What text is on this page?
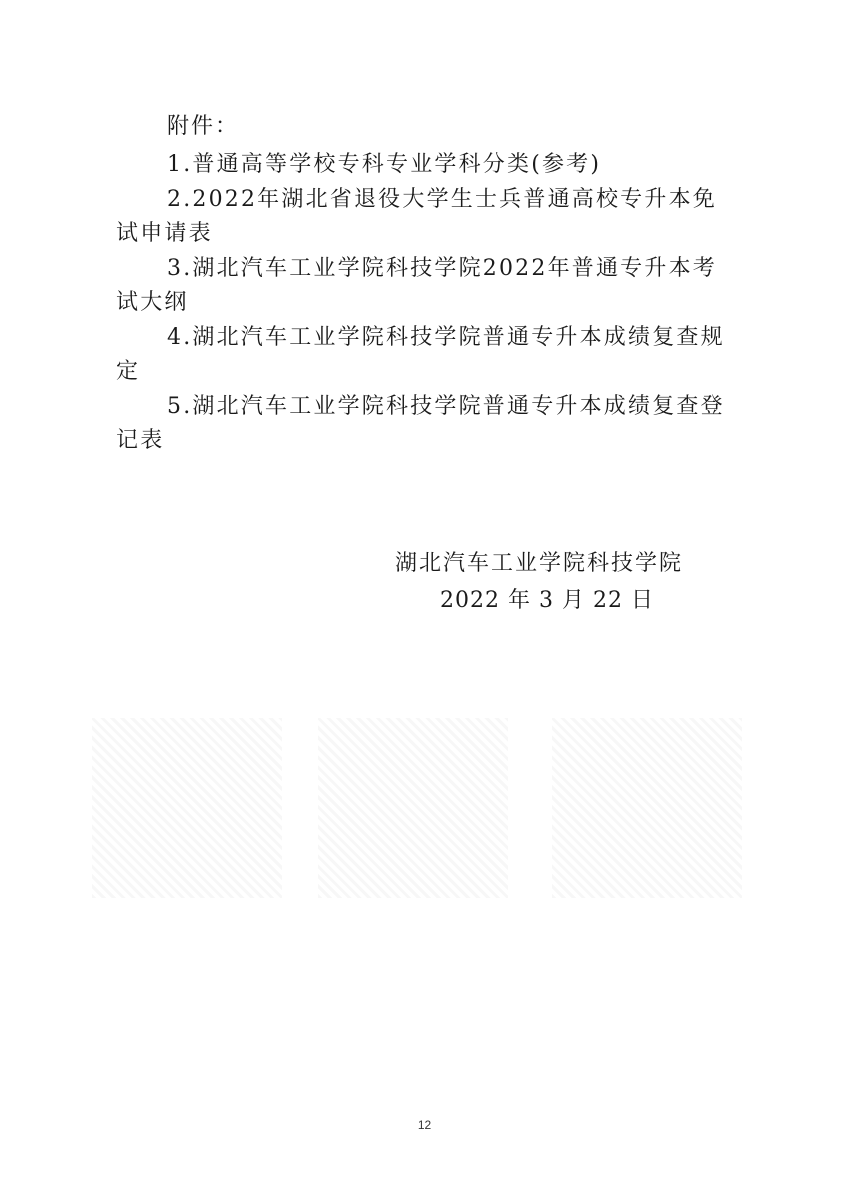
附件：
1.普通高等学校专科专业学科分类(参考)
2.2022年湖北省退役大学生士兵普通高校专升本免试申请表
3.湖北汽车工业学院科技学院2022年普通专升本考试大纲
4.湖北汽车工业学院科技学院普通专升本成绩复查规定
5.湖北汽车工业学院科技学院普通专升本成绩复查登记表
湖北汽车工业学院科技学院
2022 年 3 月 22 日
12
